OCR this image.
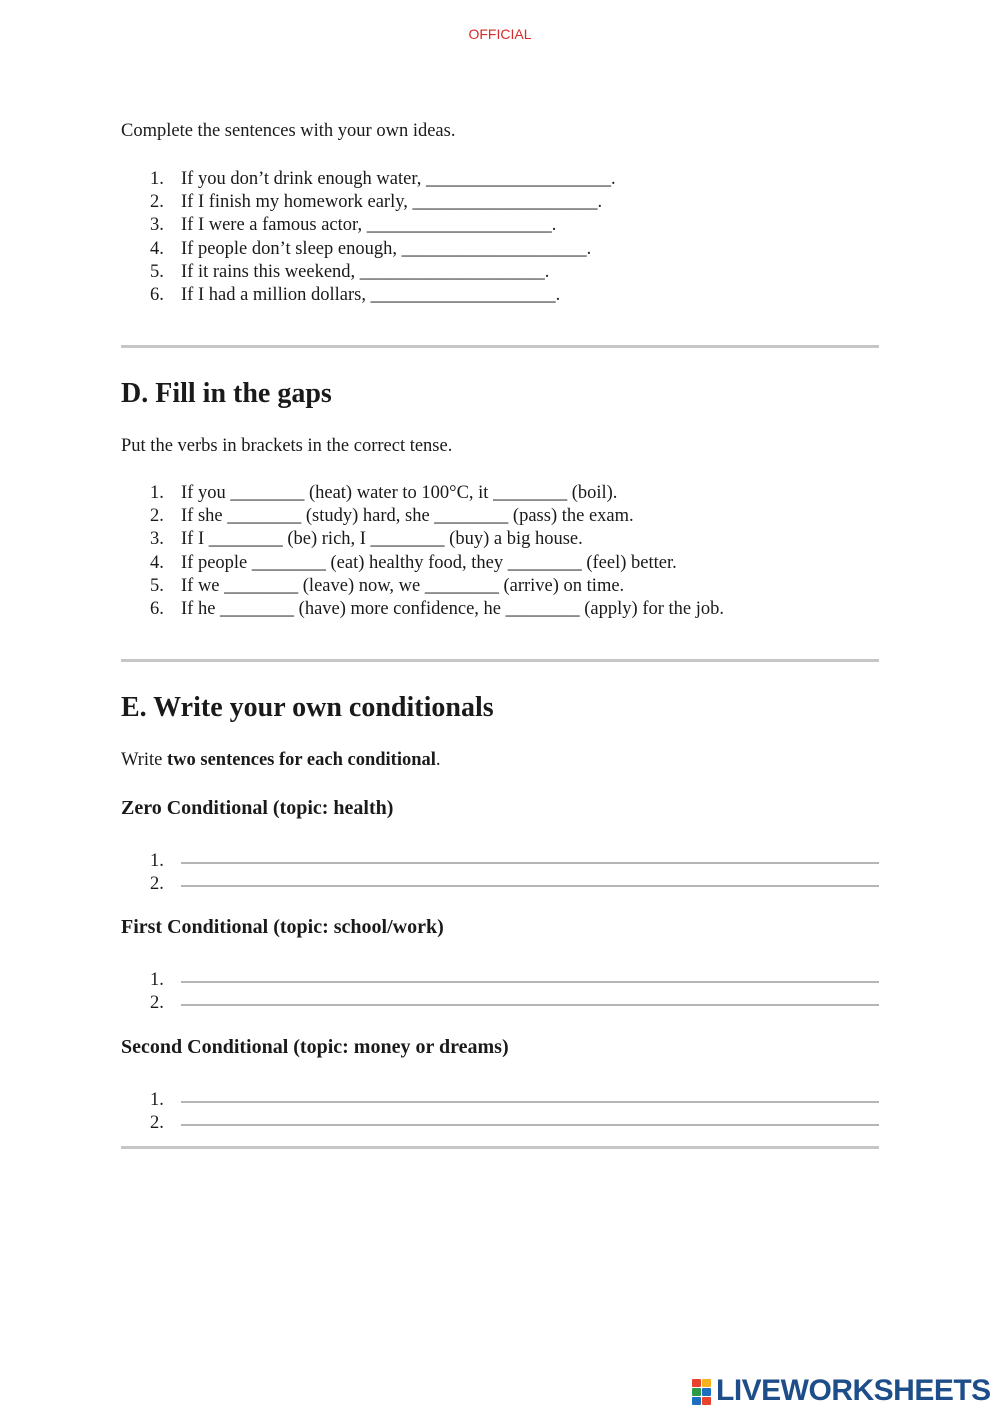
OFFICIAL
Complete the sentences with your own ideas.
1. If you don’t drink enough water, ____________________.
2. If I finish my homework early, ____________________.
3. If I were a famous actor, ____________________.
4. If people don’t sleep enough, ____________________.
5. If it rains this weekend, ____________________.
6. If I had a million dollars, ____________________.
D. Fill in the gaps
Put the verbs in brackets in the correct tense.
1. If you ________ (heat) water to 100°C, it ________ (boil).
2. If she ________ (study) hard, she ________ (pass) the exam.
3. If I ________ (be) rich, I ________ (buy) a big house.
4. If people ________ (eat) healthy food, they ________ (feel) better.
5. If we ________ (leave) now, we ________ (arrive) on time.
6. If he ________ (have) more confidence, he ________ (apply) for the job.
E. Write your own conditionals
Write two sentences for each conditional.
Zero Conditional (topic: health)
1.
2.
First Conditional (topic: school/work)
1.
2.
Second Conditional (topic: money or dreams)
1.
2.
LIVEWORKSHEETS
